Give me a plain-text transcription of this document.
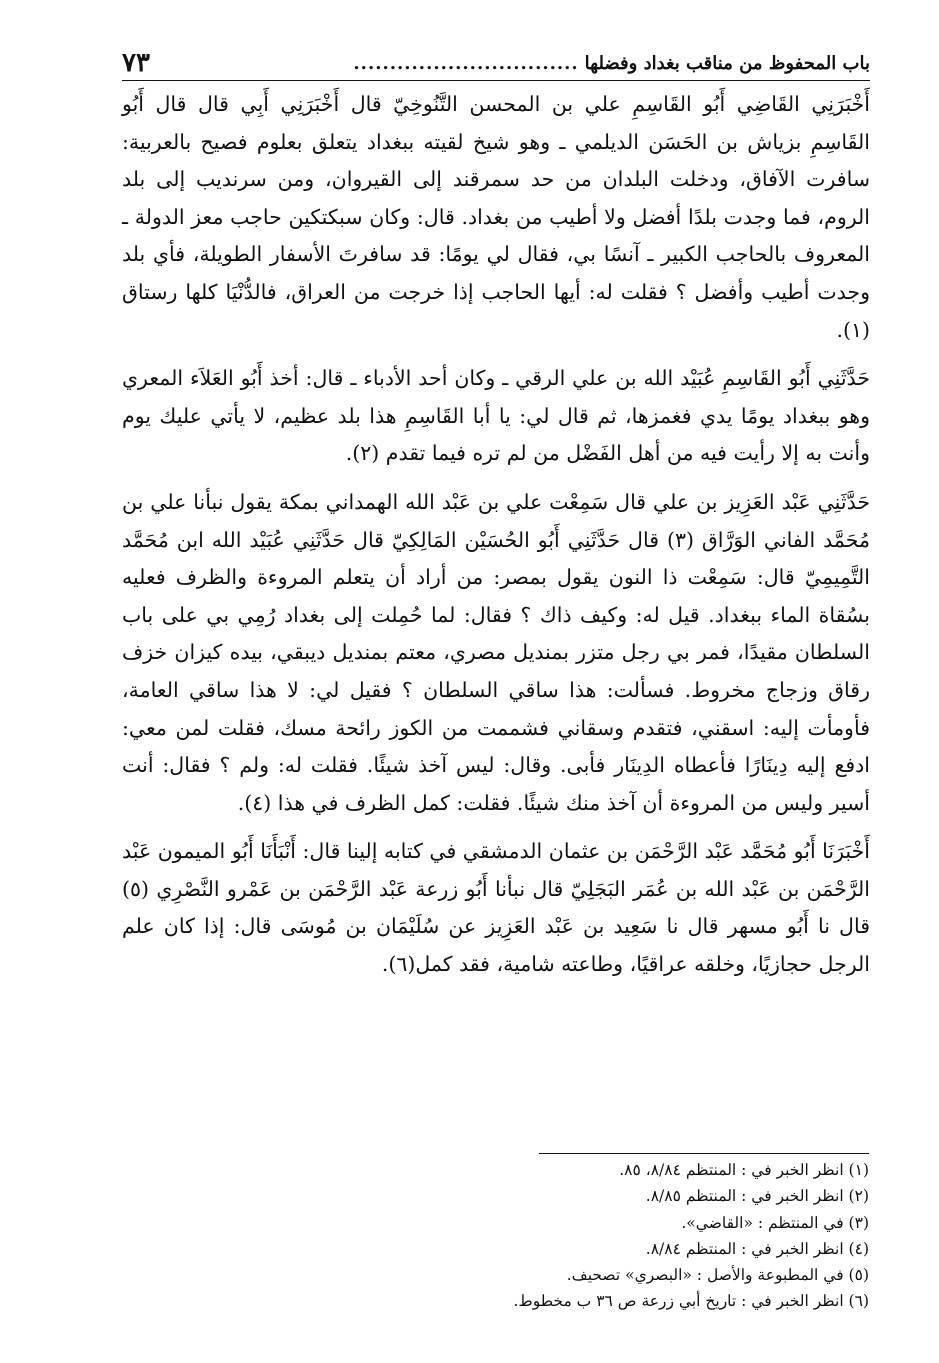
باب المحفوظ من مناقب بغداد وفضلها
...............................
٧٣

أَخْبَرَنِي القَاضِي أَبُو القَاسِمِ علي بن المحسن التَّنُوخِيّ قال أَخْبَرَنِي أَبِي قال قال أَبُو القَاسِمِ بزياش بن الحَسَن الديلمي ـ وهو شيخ لقيته ببغداد يتعلق بعلوم فصيح بالعربية: سافرت الآفاق، ودخلت البلدان من حد سمرقند إلى القيروان، ومن سرنديب إلى بلد الروم، فما وجدت بلدًا أفضل ولا أطيب من بغداد. قال: وكان سبكتكين حاجب معز الدولة ـ المعروف بالحاجب الكبير ـ آنسًا بي، فقال لي يومًا: قد سافرتَ الأسفار الطويلة، فأي بلد وجدت أطيب وأفضل ؟ فقلت له: أيها الحاجب إذا خرجت من العراق، فالدُّنْيَا كلها رستاق (١).

حَدَّثَنِي أَبُو القَاسِمِ عُبَيْد الله بن علي الرقي ـ وكان أحد الأدباء ـ قال: أخذ أَبُو العَلاَء المعري وهو ببغداد يومًا يدي فغمزها، ثم قال لي: يا أبا القَاسِمِ هذا بلد عظيم، لا يأتي عليك يوم وأنت به إلا رأيت فيه من أهل الفَضْل من لم تره فيما تقدم (٢).

حَدَّثَنِي عَبْد العَزِيز بن علي قال سَمِعْت علي بن عَبْد الله الهمداني بمكة يقول نبأنا علي بن مُحَمَّد الفاني الوَرَّاق (٣) قال حَدَّثَنِي أَبُو الحُسَيْن المَالِكِيّ قال حَدَّثَنِي عُبَيْد الله ابن مُحَمَّد التَّمِيمِيّ قال: سَمِعْت ذا النون يقول بمصر: من أراد أن يتعلم المروءة والظرف فعليه بسُقاة الماء ببغداد. قيل له: وكيف ذاك ؟ فقال: لما حُمِلت إلى بغداد رُمِي بي على باب السلطان مقيدًا، فمر بي رجل متزر بمنديل مصري، معتم بمنديل ديبقي، بيده كيزان خزف رقاق وزجاج مخروط. فسألت: هذا ساقي السلطان ؟ فقيل لي: لا هذا ساقي العامة، فأومأت إليه: اسقني، فتقدم وسقاني فشممت من الكوز رائحة مسك، فقلت لمن معي: ادفع إليه دِينَارًا فأعطاه الدِينَار فأبى. وقال: ليس آخذ شيئًا. فقلت له: ولم ؟ فقال: أنت أسير وليس من المروءة أن آخذ منك شيئًا. فقلت: كمل الظرف في هذا (٤).

أَخْبَرَنَا أَبُو مُحَمَّد عَبْد الرَّحْمَن بن عثمان الدمشقي في كتابه إلينا قال: أَنْبَأَنَا أَبُو الميمون عَبْد الرَّحْمَن بن عَبْد الله بن عُمَر البَجَلِيّ قال نبأنا أَبُو زرعة عَبْد الرَّحْمَن بن عَمْرو النَّصْرِي (٥) قال نا أَبُو مسهر قال نا سَعِيد بن عَبْد العَزِيز عن سُلَيْمَان بن مُوسَى قال: إذا كان علم الرجل حجازيًا، وخلقه عراقيًا، وطاعته شامية، فقد كمل(٦).

(١) انظر الخبر في : المنتظم ٨/٨٤، ٨٥.
(٢) انظر الخبر في : المنتظم ٨/٨٥.
(٣) في المنتظم : «القاضي».
(٤) انظر الخبر في : المنتظم ٨/٨٤.
(٥) في المطبوعة والأصل : «البصري» تصحيف.
(٦) انظر الخبر في : تاريخ أبي زرعة ص ٣٦ ب مخطوط.
